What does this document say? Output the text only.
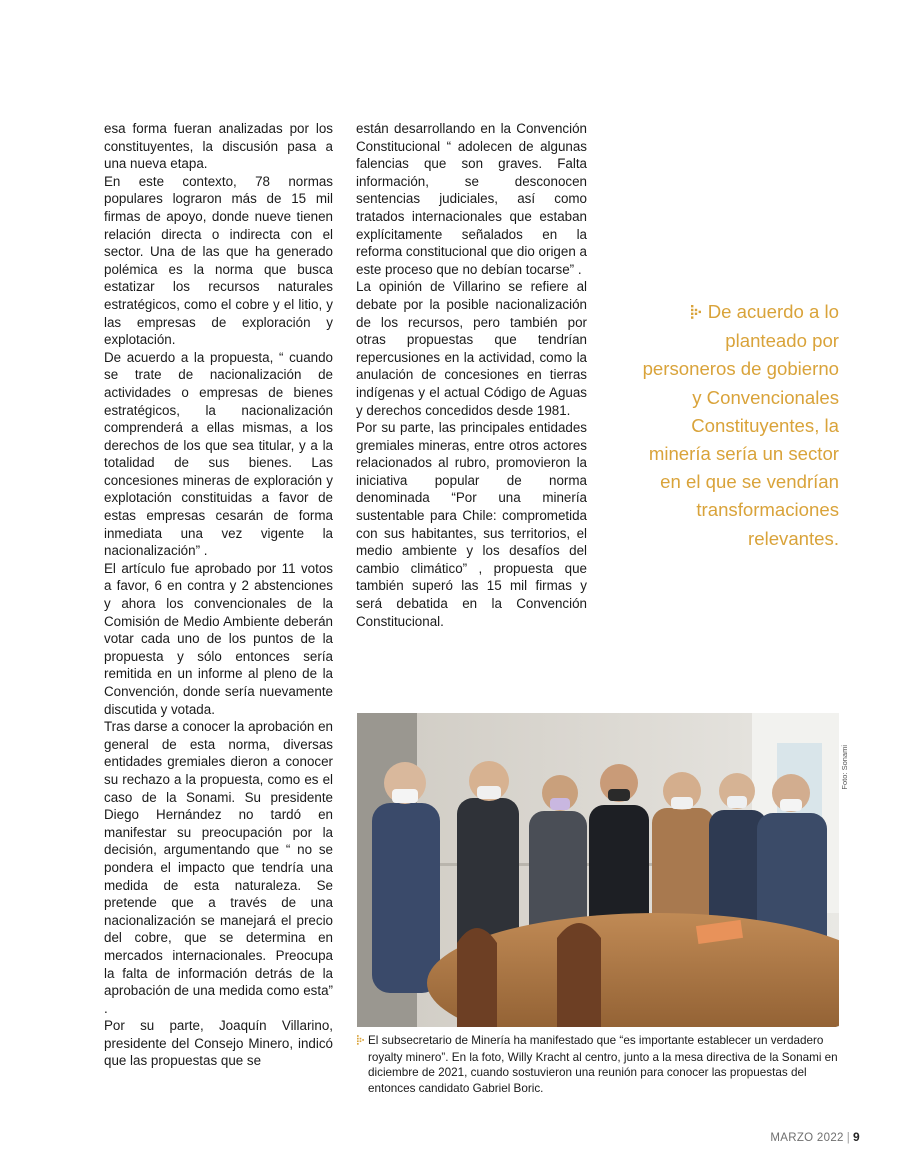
esa forma fueran analizadas por los constituyentes, la discusión pasa a una nueva etapa.

En este contexto, 78 normas populares lograron más de 15 mil firmas de apoyo, donde nueve tienen relación directa o indirecta con el sector. Una de las que ha generado polémica es la norma que busca estatizar los recursos naturales estratégicos, como el cobre y el litio, y las empresas de exploración y explotación.

De acuerdo a la propuesta, “ cuando se trate de nacionalización de actividades o empresas de bienes estratégicos, la nacionalización comprenderá a ellas mismas, a los derechos de los que sea titular, y a la totalidad de sus bienes. Las concesiones mineras de exploración y explotación constituidas a favor de estas empresas cesarán de forma inmediata una vez vigente la nacionalización” .

El artículo fue aprobado por 11 votos a favor, 6 en contra y 2 abstenciones y ahora los convencionales de la Comisión de Medio Ambiente deberán votar cada uno de los puntos de la propuesta y sólo entonces sería remitida en un informe al pleno de la Convención, donde sería nuevamente discutida y votada.

Tras darse a conocer la aprobación en general de esta norma, diversas entidades gremiales dieron a conocer su rechazo a la propuesta, como es el caso de la Sonami. Su presidente Diego Hernández no tardó en manifestar su preocupación por la decisión, argumentando que “ no se pondera el impacto que tendría una medida de esta naturaleza. Se pretende que a través de una nacionalización se manejará el precio del cobre, que se determina en mercados internacionales. Preocupa la falta de información detrás de la aprobación de una medida como esta” .

Por su parte, Joaquín Villarino, presidente del Consejo Minero, indicó que las propuestas que se

están desarrollando en la Convención Constitucional “ adolecen de algunas falencias que son graves. Falta información, se desconocen sentencias judiciales, así como tratados internacionales que estaban explícitamente señalados en la reforma constitucional que dio origen a este proceso que no debían tocarse” .

La opinión de Villarino se refiere al debate por la posible nacionalización de los recursos, pero también por otras propuestas que tendrían repercusiones en la actividad, como la anulación de concesiones en tierras indígenas y el actual Código de Aguas y derechos concedidos desde 1981.

Por su parte, las principales entidades gremiales mineras, entre otros actores relacionados al rubro, promovieron la iniciativa popular de norma denominada “Por una minería sustentable para Chile: comprometida con sus habitantes, sus territorios, el medio ambiente y los desafíos del cambio climático” , propuesta que también superó las 15 mil firmas y será debatida en la Convención Constitucional.

De acuerdo a lo planteado por personeros de gobierno y Convencionales Constituyentes, la minería sería un sector en el que se vendrían transformaciones relevantes.
Foto: Sonami
El subsecretario de Minería ha manifestado que “es importante establecer un verdadero royalty minero”. En la foto, Willy Kracht al centro, junto a la mesa directiva de la Sonami en diciembre de 2021, cuando sostuvieron una reunión para conocer las propuestas del entonces candidato Gabriel Boric.
MARZO 2022 | 9
